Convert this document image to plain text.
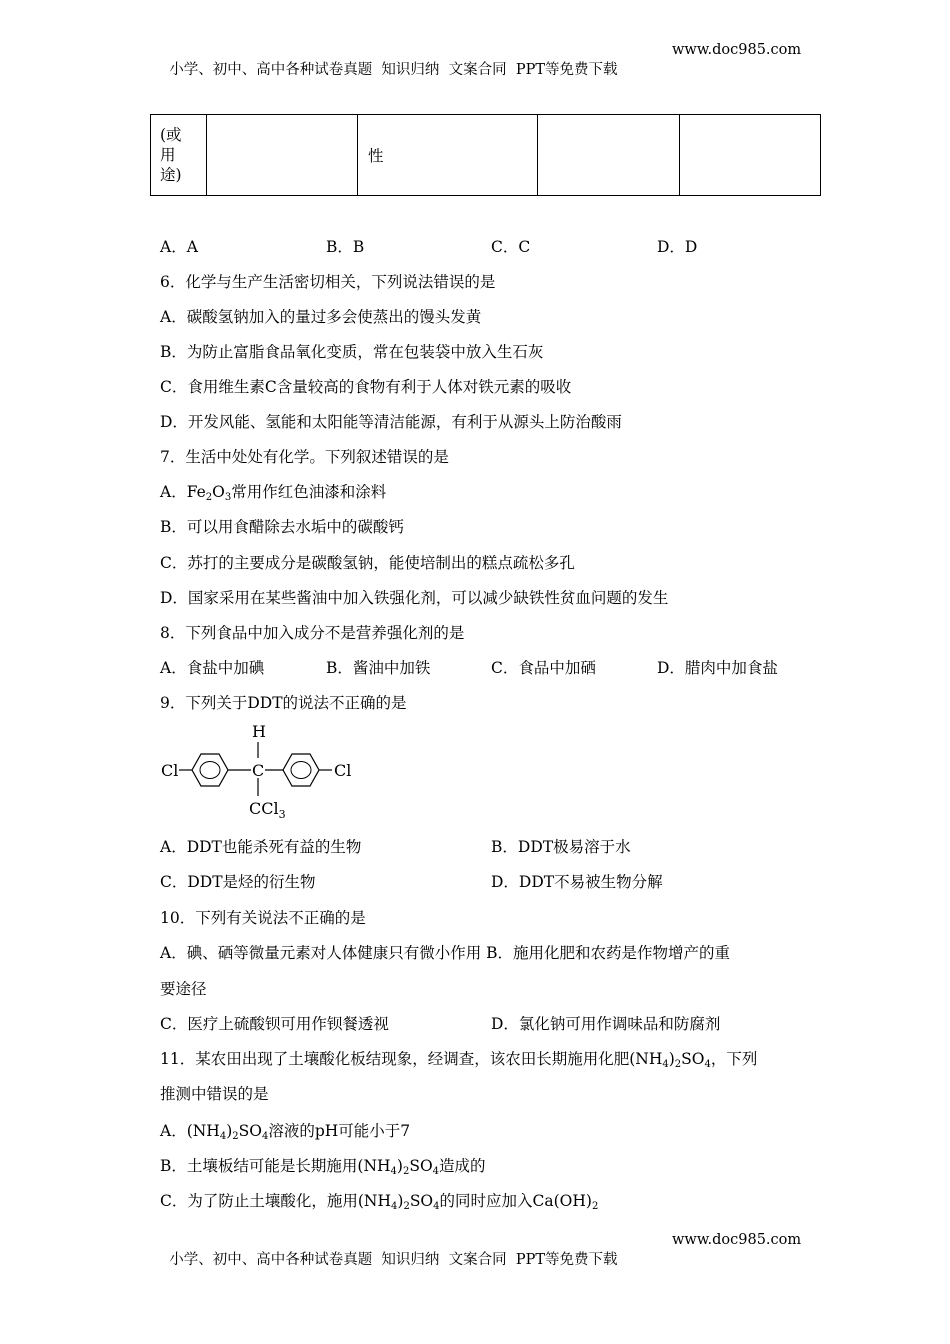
小学、初中、高中各种试卷真题  知识归纳  文案合同  PPT等免费下载

www.doc985.com

(或
用
途)
		性		
A．A	B．B	C．C	D．D
6．化学与生产生活密切相关，下列说法错误的是
A．碳酸氢钠加入的量过多会使蒸出的馒头发黄
B．为防止富脂食品氧化变质，常在包装袋中放入生石灰
C．食用维生素C含量较高的食物有利于人体对铁元素的吸收
D．开发风能、氢能和太阳能等清洁能源，有利于从源头上防治酸雨
7．生活中处处有化学。下列叙述错误的是
A．$Fe_2O_3$常用作红色油漆和涂料
B．可以用食醋除去水垢中的碳酸钙
C．苏打的主要成分是碳酸氢钠，能使培制出的糕点疏松多孔
D．国家采用在某些酱油中加入铁强化剂，可以减少缺铁性贫血问题的发生
8．下列食品中加入成分不是营养强化剂的是
A．食盐中加碘	B．酱油中加铁	C．食品中加硒	D．腊肉中加食盐
9．下列关于DDT的说法不正确的是
Cl	C
H
Cl
CCl$_3$
A．DDT也能杀死有益的生物	B．DDT极易溶于水
C．DDT是烃的衍生物	D．DDT不易被生物分解
10．下列有关说法不正确的是
A．碘、硒等微量元素对人体健康只有微小作用 B．施用化肥和农药是作物增产的重
要途径
C．医疗上硫酸钡可用作钡餐透视	D．氯化钠可用作调味品和防腐剂
11．某农田出现了土壤酸化板结现象，经调查，该农田长期施用化肥$(NH_4)_2SO_4$，下列
推测中错误的是
A．$(NH_4)_2SO_4$溶液的pH可能小于7
B．土壤板结可能是长期施用$(NH_4)_2SO_4$造成的
C．为了防止土壤酸化，施用$(NH_4)_2SO_4$的同时应加入$Ca(OH)_2$

小学、初中、高中各种试卷真题  知识归纳  文案合同  PPT等免费下载

www.doc985.com
